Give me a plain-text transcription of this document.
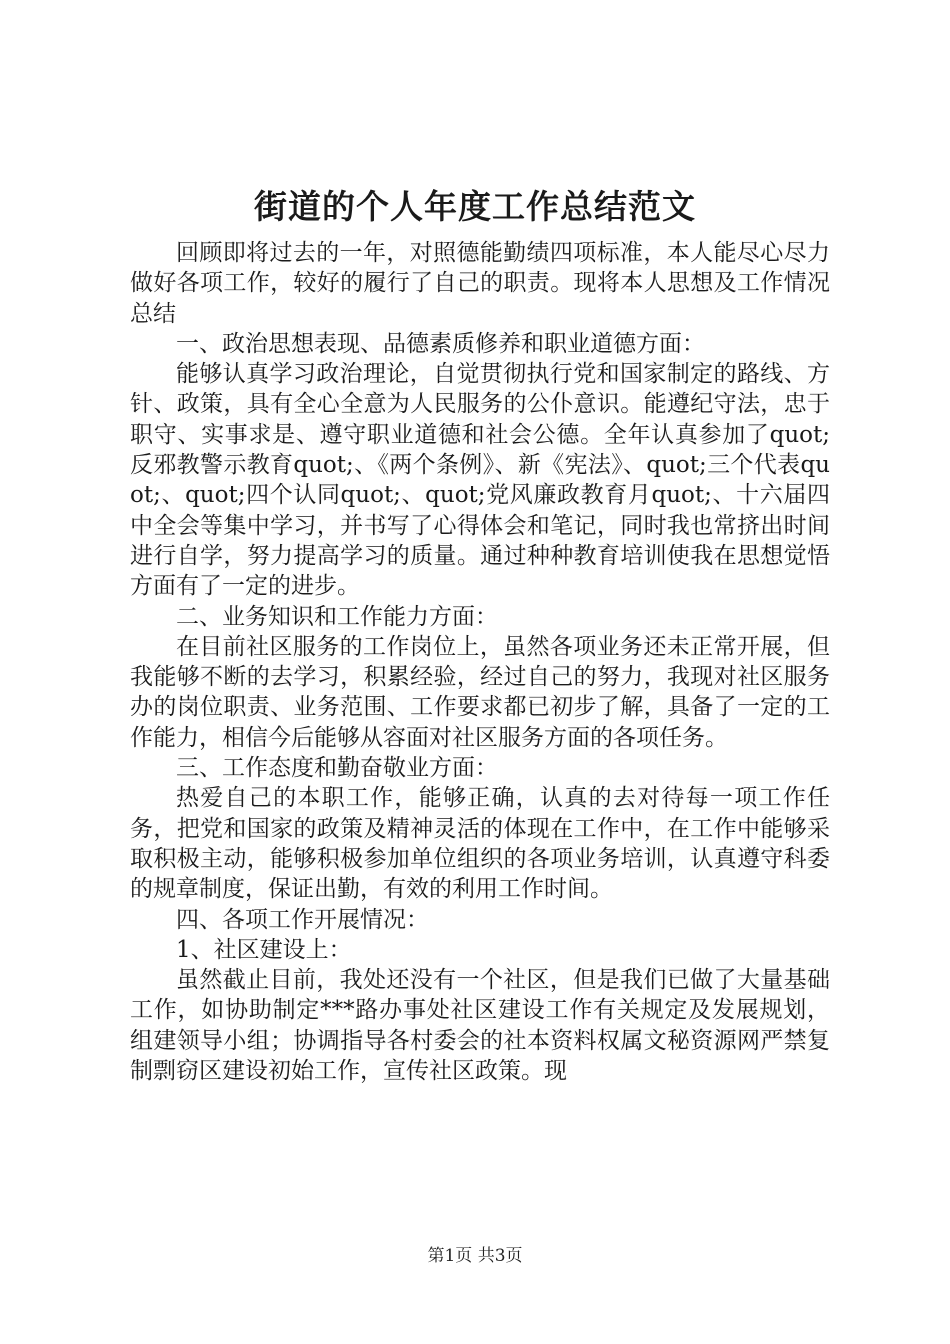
街道的个人年度工作总结范文

回顾即将过去的一年，对照德能勤绩四项标准，本人能尽心尽力做好各项工作，较好的履行了自己的职责。现将本人思想及工作情况总结

一、政治思想表现、品德素质修养和职业道德方面：

能够认真学习政治理论，自觉贯彻执行党和国家制定的路线、方针、政策，具有全心全意为人民服务的公仆意识。能遵纪守法，忠于职守、实事求是、遵守职业道德和社会公德。全年认真参加了quot;反邪教警示教育quot;、《两个条例》、新《宪法》、quot;三个代表quot;、quot;四个认同quot;、quot;党风廉政教育月quot;、十六届四中全会等集中学习，并书写了心得体会和笔记，同时我也常挤出时间进行自学，努力提高学习的质量。通过种种教育培训使我在思想觉悟方面有了一定的进步。

二、业务知识和工作能力方面：

在目前社区服务的工作岗位上，虽然各项业务还未正常开展，但我能够不断的去学习，积累经验，经过自己的努力，我现对社区服务办的岗位职责、业务范围、工作要求都已初步了解，具备了一定的工作能力，相信今后能够从容面对社区服务方面的各项任务。

三、工作态度和勤奋敬业方面：

热爱自己的本职工作，能够正确，认真的去对待每一项工作任务，把党和国家的政策及精神灵活的体现在工作中，在工作中能够采取积极主动，能够积极参加单位组织的各项业务培训，认真遵守科委的规章制度，保证出勤，有效的利用工作时间。

四、各项工作开展情况：

1、社区建设上：

虽然截止目前，我处还没有一个社区，但是我们已做了大量基础工作，如协助制定***路办事处社区建设工作有关规定及发展规划，组建领导小组；协调指导各村委会的社本资料权属文秘资源网严禁复制剽窃区建设初始工作，宣传社区政策。现

第1页 共3页
